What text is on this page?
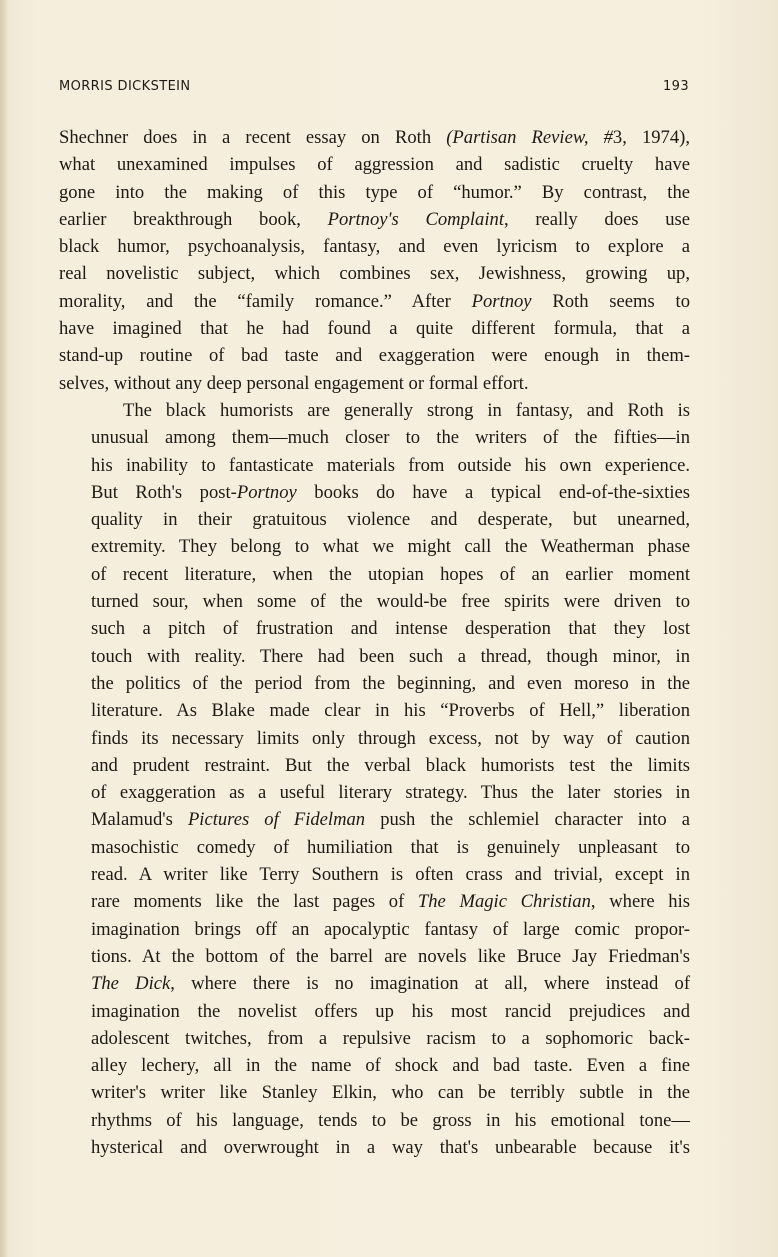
MORRIS DICKSTEIN	193

Shechner does in a recent essay on Roth (Partisan Review, #3, 1974),
what unexamined impulses of aggression and sadistic cruelty have
gone into the making of this type of “humor.” By contrast, the
earlier breakthrough book, Portnoy's Complaint, really does use
black humor, psychoanalysis, fantasy, and even lyricism to explore a
real novelistic subject, which combines sex, Jewishness, growing up,
morality, and the “family romance.” After Portnoy Roth seems to
have imagined that he had found a quite different formula, that a
stand-up routine of bad taste and exaggeration were enough in them-
selves, without any deep personal engagement or formal effort.

The black humorists are generally strong in fantasy, and Roth is
unusual among them—much closer to the writers of the fifties—in
his inability to fantasticate materials from outside his own experience.
But Roth's post-Portnoy books do have a typical end-of-the-sixties
quality in their gratuitous violence and desperate, but unearned,
extremity. They belong to what we might call the Weatherman phase
of recent literature, when the utopian hopes of an earlier moment
turned sour, when some of the would-be free spirits were driven to
such a pitch of frustration and intense desperation that they lost
touch with reality. There had been such a thread, though minor, in
the politics of the period from the beginning, and even moreso in the
literature. As Blake made clear in his “Proverbs of Hell,” liberation
finds its necessary limits only through excess, not by way of caution
and prudent restraint. But the verbal black humorists test the limits
of exaggeration as a useful literary strategy. Thus the later stories in
Malamud's Pictures of Fidelman push the schlemiel character into a
masochistic comedy of humiliation that is genuinely unpleasant to
read. A writer like Terry Southern is often crass and trivial, except in
rare moments like the last pages of The Magic Christian, where his
imagination brings off an apocalyptic fantasy of large comic propor-
tions. At the bottom of the barrel are novels like Bruce Jay Friedman's
The Dick, where there is no imagination at all, where instead of
imagination the novelist offers up his most rancid prejudices and
adolescent twitches, from a repulsive racism to a sophomoric back-
alley lechery, all in the name of shock and bad taste. Even a fine
writer's writer like Stanley Elkin, who can be terribly subtle in the
rhythms of his language, tends to be gross in his emotional tone—
hysterical and overwrought in a way that's unbearable because it's
